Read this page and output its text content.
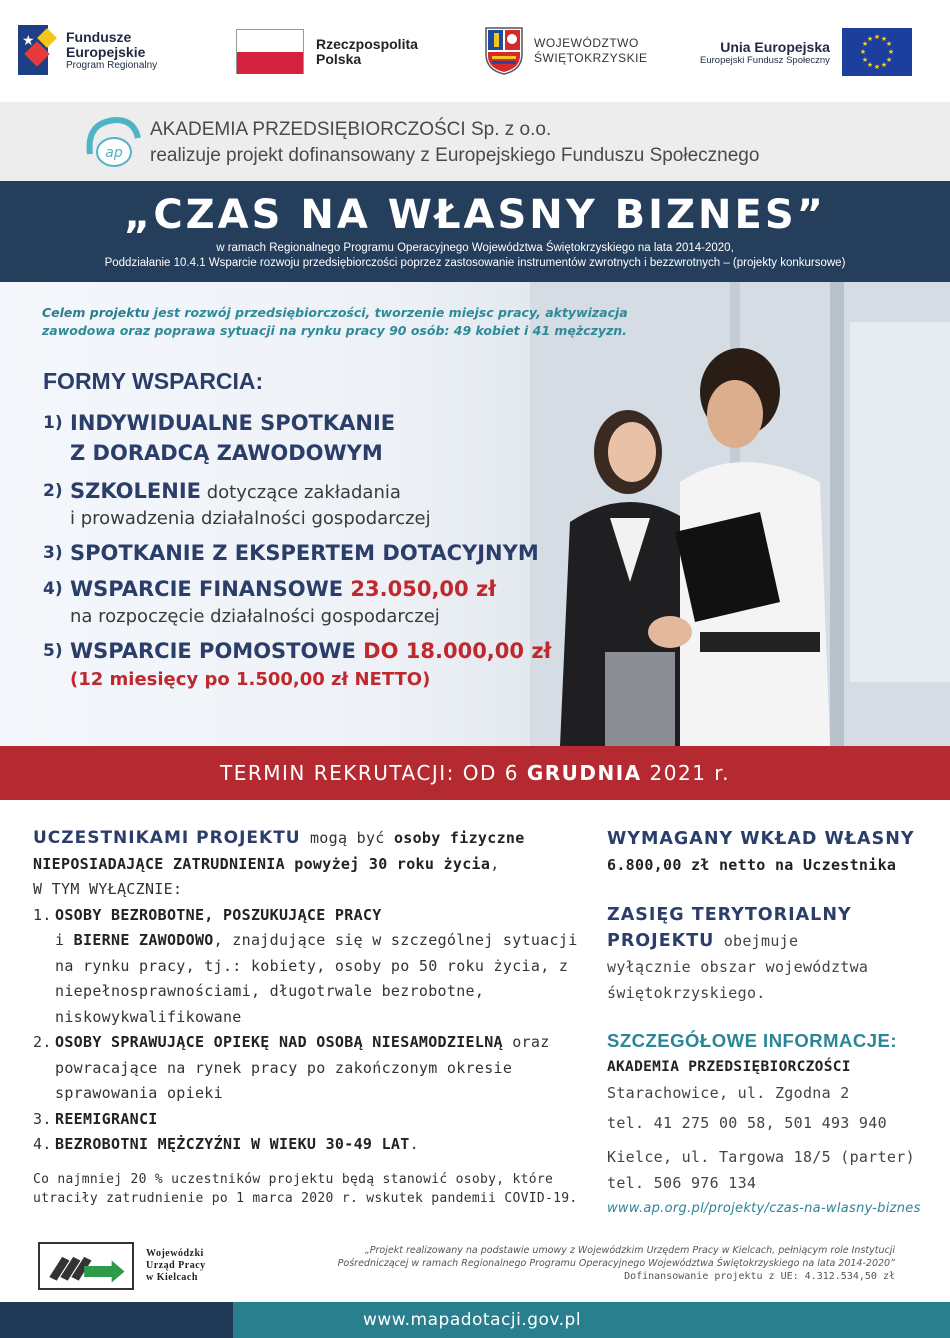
★ Fundusze
Europejskie
Program Regionalny
Rzeczpospolita
Polska
WOJEWÓDZTWO
ŚWIĘTOKRZYSKIE
Unia Europejska
Europejski Fundusz Społeczny
★ ★
★
★
★
★
★
★
★
★
★
★
ap
AKADEMIA PRZEDSIĘBIORCZOŚCI Sp. z o.o.
realizuje projekt dofinansowany z Europejskiego Funduszu Społecznego
„CZAS NA WŁASNY BIZNES”
w ramach Regionalnego Programu Operacyjnego Województwa Świętokrzyskiego na lata 2014-2020,
Poddziałanie 10.4.1 Wsparcie rozwoju przedsiębiorczości poprzez zastosowanie instrumentów zwrotnych i bezzwrotnych – (projekty konkursowe)
Celem projektu jest rozwój przedsiębiorczości, tworzenie miejsc pracy, aktywizacja zawodowa oraz poprawa sytuacji na rynku pracy 90 osób: 49 kobiet i 41 mężczyzn.
FORMY WSPARCIA:
1) INDYWIDUALNE SPOTKANIE
Z DORADCĄ ZAWODOWYM
2) SZKOLENIE dotyczące zakładania
i prowadzenia działalności gospodarczej
3) SPOTKANIE Z EKSPERTEM DOTACYJNYM
4) WSPARCIE FINANSOWE 23.050,00 zł
na rozpoczęcie działalności gospodarczej
5) WSPARCIE POMOSTOWE DO 18.000,00 zł
(12 miesięcy po 1.500,00 zł NETTO)
TERMIN REKRUTACJI: OD 6 GRUDNIA 2021 r.
UCZESTNIKAMI PROJEKTU mogą być osoby fizyczne
NIEPOSIADAJĄCE ZATRUDNIENIA powyżej 30 roku życia,
W TYM WYŁĄCZNIE:
1. OSOBY BEZROBOTNE, POSZUKUJĄCE PRACY
i BIERNE ZAWODOWO, znajdujące się w szczególnej sytuacji na rynku pracy, tj.: kobiety, osoby po 50 roku życia, z niepełnosprawnościami, długotrwale bezrobotne, niskowykwalifikowane
2. OSOBY SPRAWUJĄCE OPIEKĘ NAD OSOBĄ NIESAMODZIELNĄ oraz powracające na rynek pracy po zakończonym okresie sprawowania opieki
3. REEMIGRANCI
4. BEZROBOTNI MĘŻCZYŹNI W WIEKU 30-49 LAT.
Co najmniej 20 % uczestników projektu będą stanowić osoby, które utraciły zatrudnienie po 1 marca 2020 r. wskutek pandemii COVID-19.
WYMAGANY WKŁAD WŁASNY
6.800,00 zł netto na Uczestnika
ZASIĘG TERYTORIALNY
PROJEKTU obejmuje
wyłącznie obszar województwa świętokrzyskiego.
SZCZEGÓŁOWE INFORMACJE:
AKADEMIA PRZEDSIĘBIORCZOŚCI
Starachowice, ul. Zgodna 2
tel. 41 275 00 58, 501 493 940
Kielce, ul. Targowa 18/5 (parter)
tel. 506 976 134
www.ap.org.pl/projekty/czas-na-wlasny-biznes
Wojewódzki
Urząd Pracy
w Kielcach
„Projekt realizowany na podstawie umowy z Wojewódzkim Urzędem Pracy w Kielcach, pełniącym role Instytucji
Pośredniczącej w ramach Regionalnego Programu Operacyjnego Województwa Świętokrzyskiego na lata 2014-2020”
Dofinansowanie projektu z UE: 4.312.534,50 zł
www.mapadotacji.gov.pl
